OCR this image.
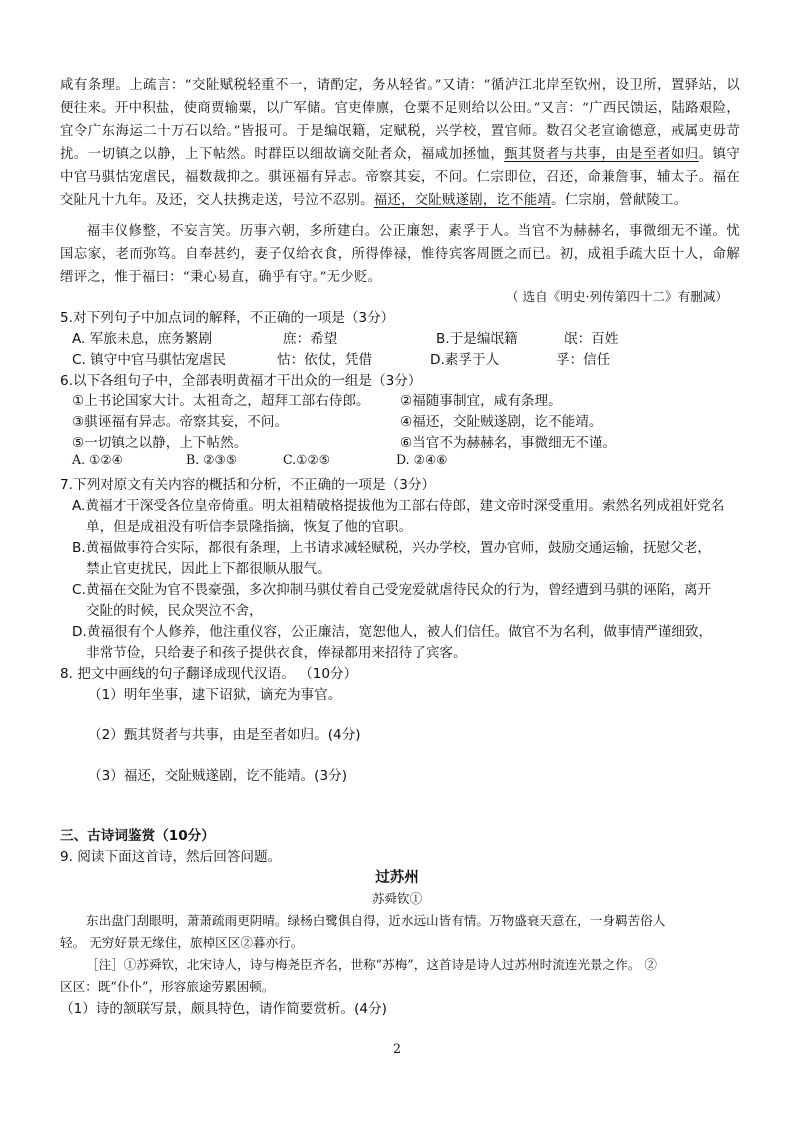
咸有条理。上疏言：“交阯赋税轻重不一，请酌定，务从轻省。”又请：“循泸江北岸至钦州，设卫所，置驿站，以便往来。开中积盐，使商贾输粟，以广军储。官吏俸廪，仓粟不足则给以公田。”又言：“广西民馈运，陆路艰险，宜令广东海运二十万石以给。”皆报可。于是编氓籍，定赋税，兴学校，置官师。数召父老宣谕德意，戒属吏毋苛扰。一切镇之以静，上下帖然。时群臣以细故谪交阯者众，福咸加拯恤，甄其贤者与共事，由是至者如归。镇守中官马骐怙宠虐民，福数裁抑之。骐诬福有异志。帝察其妄，不问。仁宗即位，召还，命兼詹事，辅太子。福在交阯凡十九年。及还，交人扶携走送，号泣不忍别。福还，交阯贼遂剧，讫不能靖。仁宗崩，營献陵工。
福丰仪修整，不妄言笑。历事六朝，多所建白。公正廉恕，素孚于人。当官不为赫赫名，事微细无不谨。忧国忘家，老而弥笃。自奉甚约，妻子仅给衣食，所得俸禄，惟待宾客周匮之而已。初，成祖手疏大臣十人，命解缙评之，惟于福曰：“秉心易直，确乎有守。”无少贬。
（ 选自《明史·列传第四十二》有删减）
5.对下列句子中加点词的解释，不正确的一项是（3分）
A. 军旅未息，庶务繁剧	庶：希望	B.于是编氓籍	氓：百姓
C. 镇守中官马骐怙宠虐民	怙：依仗，凭借	D.素孚于人	孚：信任
6.以下各组句子中，全部表明黄福才干出众的一组是（3分）
①上书论国家大计。太祖奇之，超拜工部右侍郎。 ②福随事制宜，咸有条理。
③骐诬福有异志。帝察其妄，不问。	④福还，交阯贼遂剧，讫不能靖。
⑤一切镇之以静，上下帖然。	⑥当官不为赫赫名，事微细无不谨。
A. ①②④	B. ②③⑤	C.①②⑤	D. ②④⑥
7.下列对原文有关内容的概括和分析，不正确的一项是（3分）
A.黄福才干深受各位皇帝倚重。明太祖精破格提拔他为工部右侍郎，建文帝时深受重用。索然名列成祖奸党名
单，但是成祖没有听信李景隆指摘，恢复了他的官职。
B.黄福做事符合实际，都很有条理，上书请求减轻赋税，兴办学校，置办官师，鼓励交通运输，抚慰父老，
禁止官吏扰民，因此上下都很顺从服气。
C.黄福在交阯为官不畏豪强，多次抑制马骐仗着自己受宠爱就虐待民众的行为，曾经遭到马骐的诬陷，离开
交阯的时候，民众哭泣不舍，
D.黄福很有个人修养，他注重仪容，公正廉洁，宽恕他人，被人们信任。做官不为名利，做事情严谨细致，
非常节俭，只给妻子和孩子提供衣食，俸禄都用来招待了宾客。
8. 把文中画线的句子翻译成现代汉语。 （10分）
（1）明年坐事，逮下诏狱，谪充为事官。
（2）甄其贤者与共事，由是至者如归。(4分)
（3）福还，交阯贼遂剧，讫不能靖。(3分)
三、古诗词鉴赏（10分）
9. 阅读下面这首诗，然后回答问题。
过苏州
苏舜钦①
东出盘门刮眼明，萧萧疏雨更阴晴。绿杨白鹭俱自得，近水远山皆有情。万物盛衰天意在，一身羁苦俗人
轻。 无穷好景无缘住，旅棹区区②暮亦行。
［注］①苏舜钦，北宋诗人，诗与梅尧臣齐名，世称“苏梅”，这首诗是诗人过苏州时流连光景之作。 ②
区区：既“仆仆”，形容旅途劳累困顿。
（1）诗的颔联写景，颇具特色，请作简要赏析。(4分)
2
